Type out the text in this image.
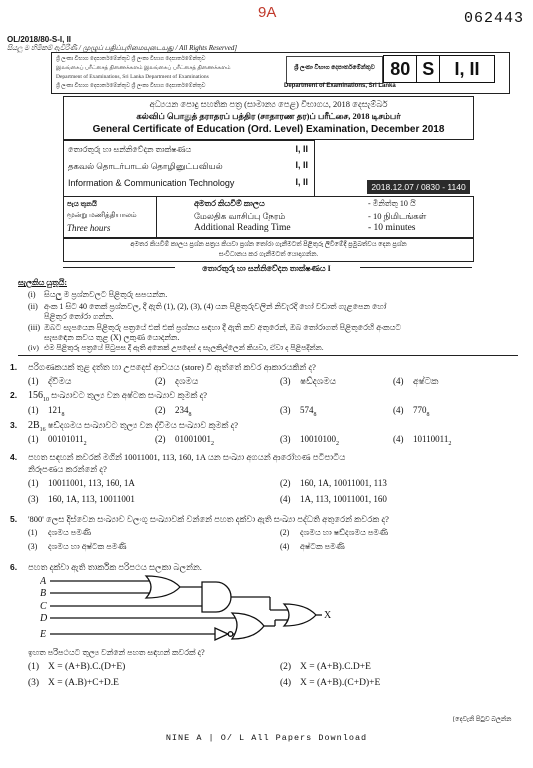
9A	062443
OL/2018/80-S-I, II
සියලු ම හිමිකම් ඇවිරිණි / முழுப் பதிப்புரிமையுடையது / All Rights Reserved]
ශ්‍රී ලංකා විභාග දෙපාර්තමේන්තුව ශ්‍රී ලංකා විභාග දෙපාර්තමේන්තුව
இலங்கைப் பரீட்சைத் திணைக்களம் இலங்கைப் பரீட்சைத் திணைக்களம்
Department of Examinations, Sri Lanka Department of Examinations
ශ්‍රී ලංකා විභාග දෙපාර්තමේන්තුව ශ්‍රී ලංකා විභාග දෙපාර්තමේන්තුව
ශ්‍රී ලංකා විභාග දෙපාර්තමේන්තුව
Department of Examinations, Sri Lanka
80 S	I, II
අධ්‍යයන පොදු සහතික පත්‍ර (සාමාන්‍ය පෙළ) විභාගය, 2018 දෙසැම්බර්
கல்விப் பொதுத் தராதரப் பத்திர (சாதாரண தர)ப் பரீட்சை, 2018 டிசம்பர்
General Certificate of Education (Ord. Level) Examination, December 2018
තොරතුරු හා සන්නිවේදන තාක්ෂණය	I, II
தகவல் தொடர்பாடல் தொழினுட்பவியல்	I, II
Information & Communication Technology	I, II	2018.12.07 / 0830 - 1140
පැය තුනයි
மூன்று மணித்தியாலம்
Three hours
අමතර කියවීම් කාලය	- මිනිත්තු 10 යි
மேலதிக வாசிப்பு நேரம்	- 10 நிமிடங்கள்
Additional Reading Time	- 10 minutes
අමතර කියවීම් කාලය ප්‍රශ්න පත්‍රය කියවා ප්‍රශ්න තෝරා ගැනීමටත් පිළිතුරු ලිවීමේදී ප්‍රමුඛත්වය දෙන ප්‍රශ්න
සංවිධානය කර ගැනීමටත් යොදාගන්න.
තොරතුරු හා සන්නිවේදන තාක්ෂණය I
සැලකිය යුතුයි:
(i) සියලු ම ප්‍රශ්නවලට පිළිතුරු සපයන්න.
(ii) අංක 1 සිට 40 තෙක් ප්‍රශ්නවල, දී ඇති (1), (2), (3), (4) යන පිළිතුරුවලින් නිවැරදි හෝ වඩාත් ගැළපෙන හෝ
පිළිතුර තෝරා ගන්න.
(iii) ඔබට සැපයෙන පිළිතුරු පත්‍රයේ එක් එක් ප්‍රශ්නය සඳහා දී ඇති කව අතුරෙන්, ඔබ තෝරාගත් පිළිතුරෙහි අංකයට
සැසඳෙන කවය තුළ (X) ලකුණ යොදන්න.
(iv) එම පිළිතුරු පත්‍රයේ පිටුපස දී ඇති අනෙක් උපදෙස් ද සැලකිල්ලෙන් කියවා, ඒවා ද පිළිපදින්න.
1. පරිගණකයක් තුළ දත්ත හා උපදෙස් ආචයය (store) වී ඇත්තේ කවර ආකාරයකින් ද?
(1) ද්විමය	(2) දශමය	(3) ෂඩ්දශමය	(4) අෂ්ටක
2. $156_{10}$ සංඛ්‍යාවට තුල්‍ය වන අෂ්ටක සංඛ්‍යාව කුමක් ද?
(1) $121_8$	(2) $234_8$	(3) $574_8$	(4) $770_8$
3. $2B_{16}$ ෂඩ්දශමය සංඛ්‍යාවට තුල්‍ය වන ද්විමය සංඛ්‍යාව කුමක් ද?
(1) $00101011_2$	(2) $01001001_2$	(3) $10010100_2$	(4) $10110011_2$
4. පහත සඳහන් කවරක් මගින් 10011001, 113, 160, 1A යන සංඛ්‍යා අගයන් ආරෝහණ පටිපාටිය
නිරූපණය කරන්නේ ද?
(1) 10011001, 113, 160, 1A	(2) 160, 1A, 10011001, 113
(3) 160, 1A, 113, 10011001	(4) 1A, 113, 10011001, 160
5. '800' ලෙස දිස්වෙන සංඛ්‍යාව වලංගු සංඛ්‍යාවක් වන්නේ පහත දක්වා ඇති සංඛ්‍යා පද්ධති අතුරෙන් කවරක ද?
(1) දශමය පමණි	(2) දශමය හා ෂඩ්දශමය පමණි
(3) දශමය හා අෂ්ටක පමණි	(4) අෂ්ටක පමණි
6. පහත දක්වා ඇති තාර්කික පරිපථය සලකා බලන්න.
A
B
C
D
E
X
ඉහත පරිපථයට තුල්‍ය වන්නේ පහත සඳහන් කවරක් ද?
(1) X = (A+B).C.(D+E)	(2) X = (A+B).C.D+E
(3) X = (A.B)+C+D.E	(4) X = (A+B).(C+D)+E
[දෙවැනි පිටුව බලන්න
NINE A | O/ L All Papers Download
